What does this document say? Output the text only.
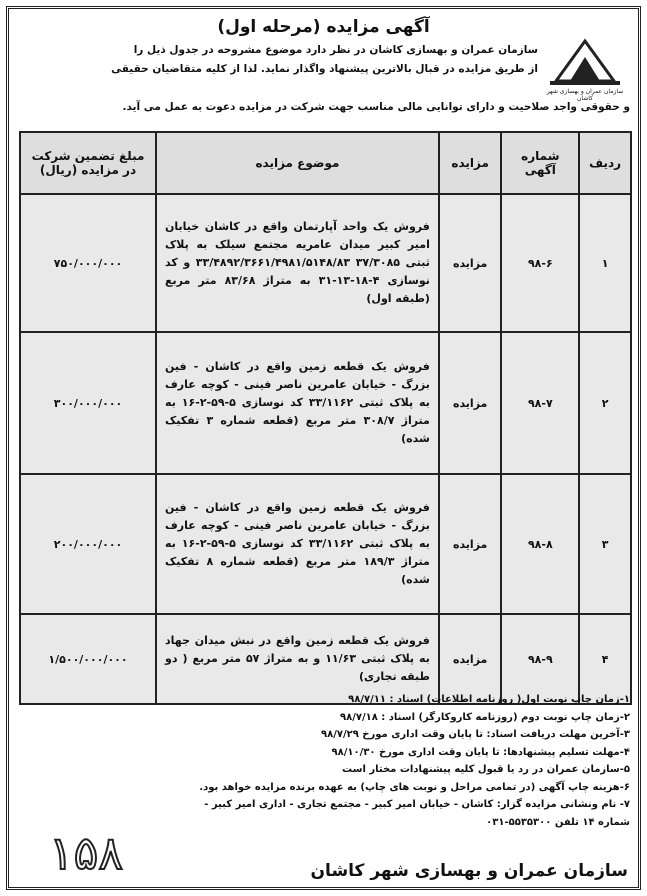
آگهی مزایده (مرحله اول)
سازمان عمران و بهسازی شهر کاشان
سازمان عمران و بهسازی کاشان در نظر دارد موضوع مشروحه در جدول ذیل را
از طریق مزایده در قبال بالاترین پیشنهاد واگذار نماید. لذا از کلیه متقاضیان حقیقی
و حقوقی واجد صلاحیت و دارای توانایی مالی مناسب جهت شرکت در مزایده دعوت به عمل می آید.
ردیف	شماره آگهی	مزایده	موضوع مزایده	مبلغ تضمین شرکت در مزایده (ریال)
۱	۹۸-۶	مزایده	فروش یک واحد آپارتمان واقع در کاشان خیابان امیر کبیر میدان عامریه مجتمع سیلک به پلاک ثبتی ۳۷/۳۰۸۵ ۳۳/۴۸۹۲/۳۶۶۱/۴۹۸۱/۵۱۴۸/۸۳ و کد نوسازی ۴-۱۸-۱۳-۳۱ به متراژ ۸۳/۶۸ متر مربع (طبقه اول)	۷۵۰/۰۰۰/۰۰۰
۲	۹۸-۷	مزایده	فروش یک قطعه زمین واقع در کاشان - فین بزرگ - خیابان عامرین ناصر فینی - کوچه عارف به پلاک ثبتی ۳۳/۱۱۶۲ کد نوسازی ۵-۵۹-۲-۱۶ به متراژ ۳۰۸/۷ متر مربع (قطعه شماره ۳ تفکیک شده)	۳۰۰/۰۰۰/۰۰۰
۳	۹۸-۸	مزایده	فروش یک قطعه زمین واقع در کاشان - فین بزرگ - خیابان عامرین ناصر فینی - کوچه عارف به پلاک ثبتی ۳۳/۱۱۶۲ کد نوسازی ۵-۵۹-۲-۱۶ به متراژ ۱۸۹/۳ متر مربع (قطعه شماره ۸ تفکیک شده)	۲۰۰/۰۰۰/۰۰۰
۴	۹۸-۹	مزایده	فروش یک قطعه زمین واقع در نبش میدان جهاد به پلاک ثبتی ۱۱/۶۳ و به متراژ ۵۷ متر مربع ( دو طبقه تجاری)	۱/۵۰۰/۰۰۰/۰۰۰
۱-زمان چاپ نوبت اول( روزنامه اطلاعات) اسناد : ۹۸/۷/۱۱
۲-زمان چاپ نوبت دوم (روزنامه کاروکارگر) اسناد : ۹۸/۷/۱۸
۳-آخرین مهلت دریافت اسناد: تا پایان وقت اداری مورخ ۹۸/۷/۲۹
۴-مهلت تسلیم پیشنهادها: تا پایان وقت اداری مورخ ۹۸/۱۰/۳۰
۵-سازمان عمران در رد یا قبول کلیه پیشنهادات مختار است
۶-هزینه چاپ آگهی (در تمامی مراحل و نوبت های چاپ) به عهده برنده مزایده خواهد بود.
۷- نام ونشانی مزایده گزار: کاشان - خیابان امیر کبیر - مجتمع تجاری - اداری امیر کبیر -
شماره ۱۴ تلفن ۵۵۳۵۳۰۰-۰۳۱
سازمان عمران و بهسازی شهر کاشان
۱۵۸
